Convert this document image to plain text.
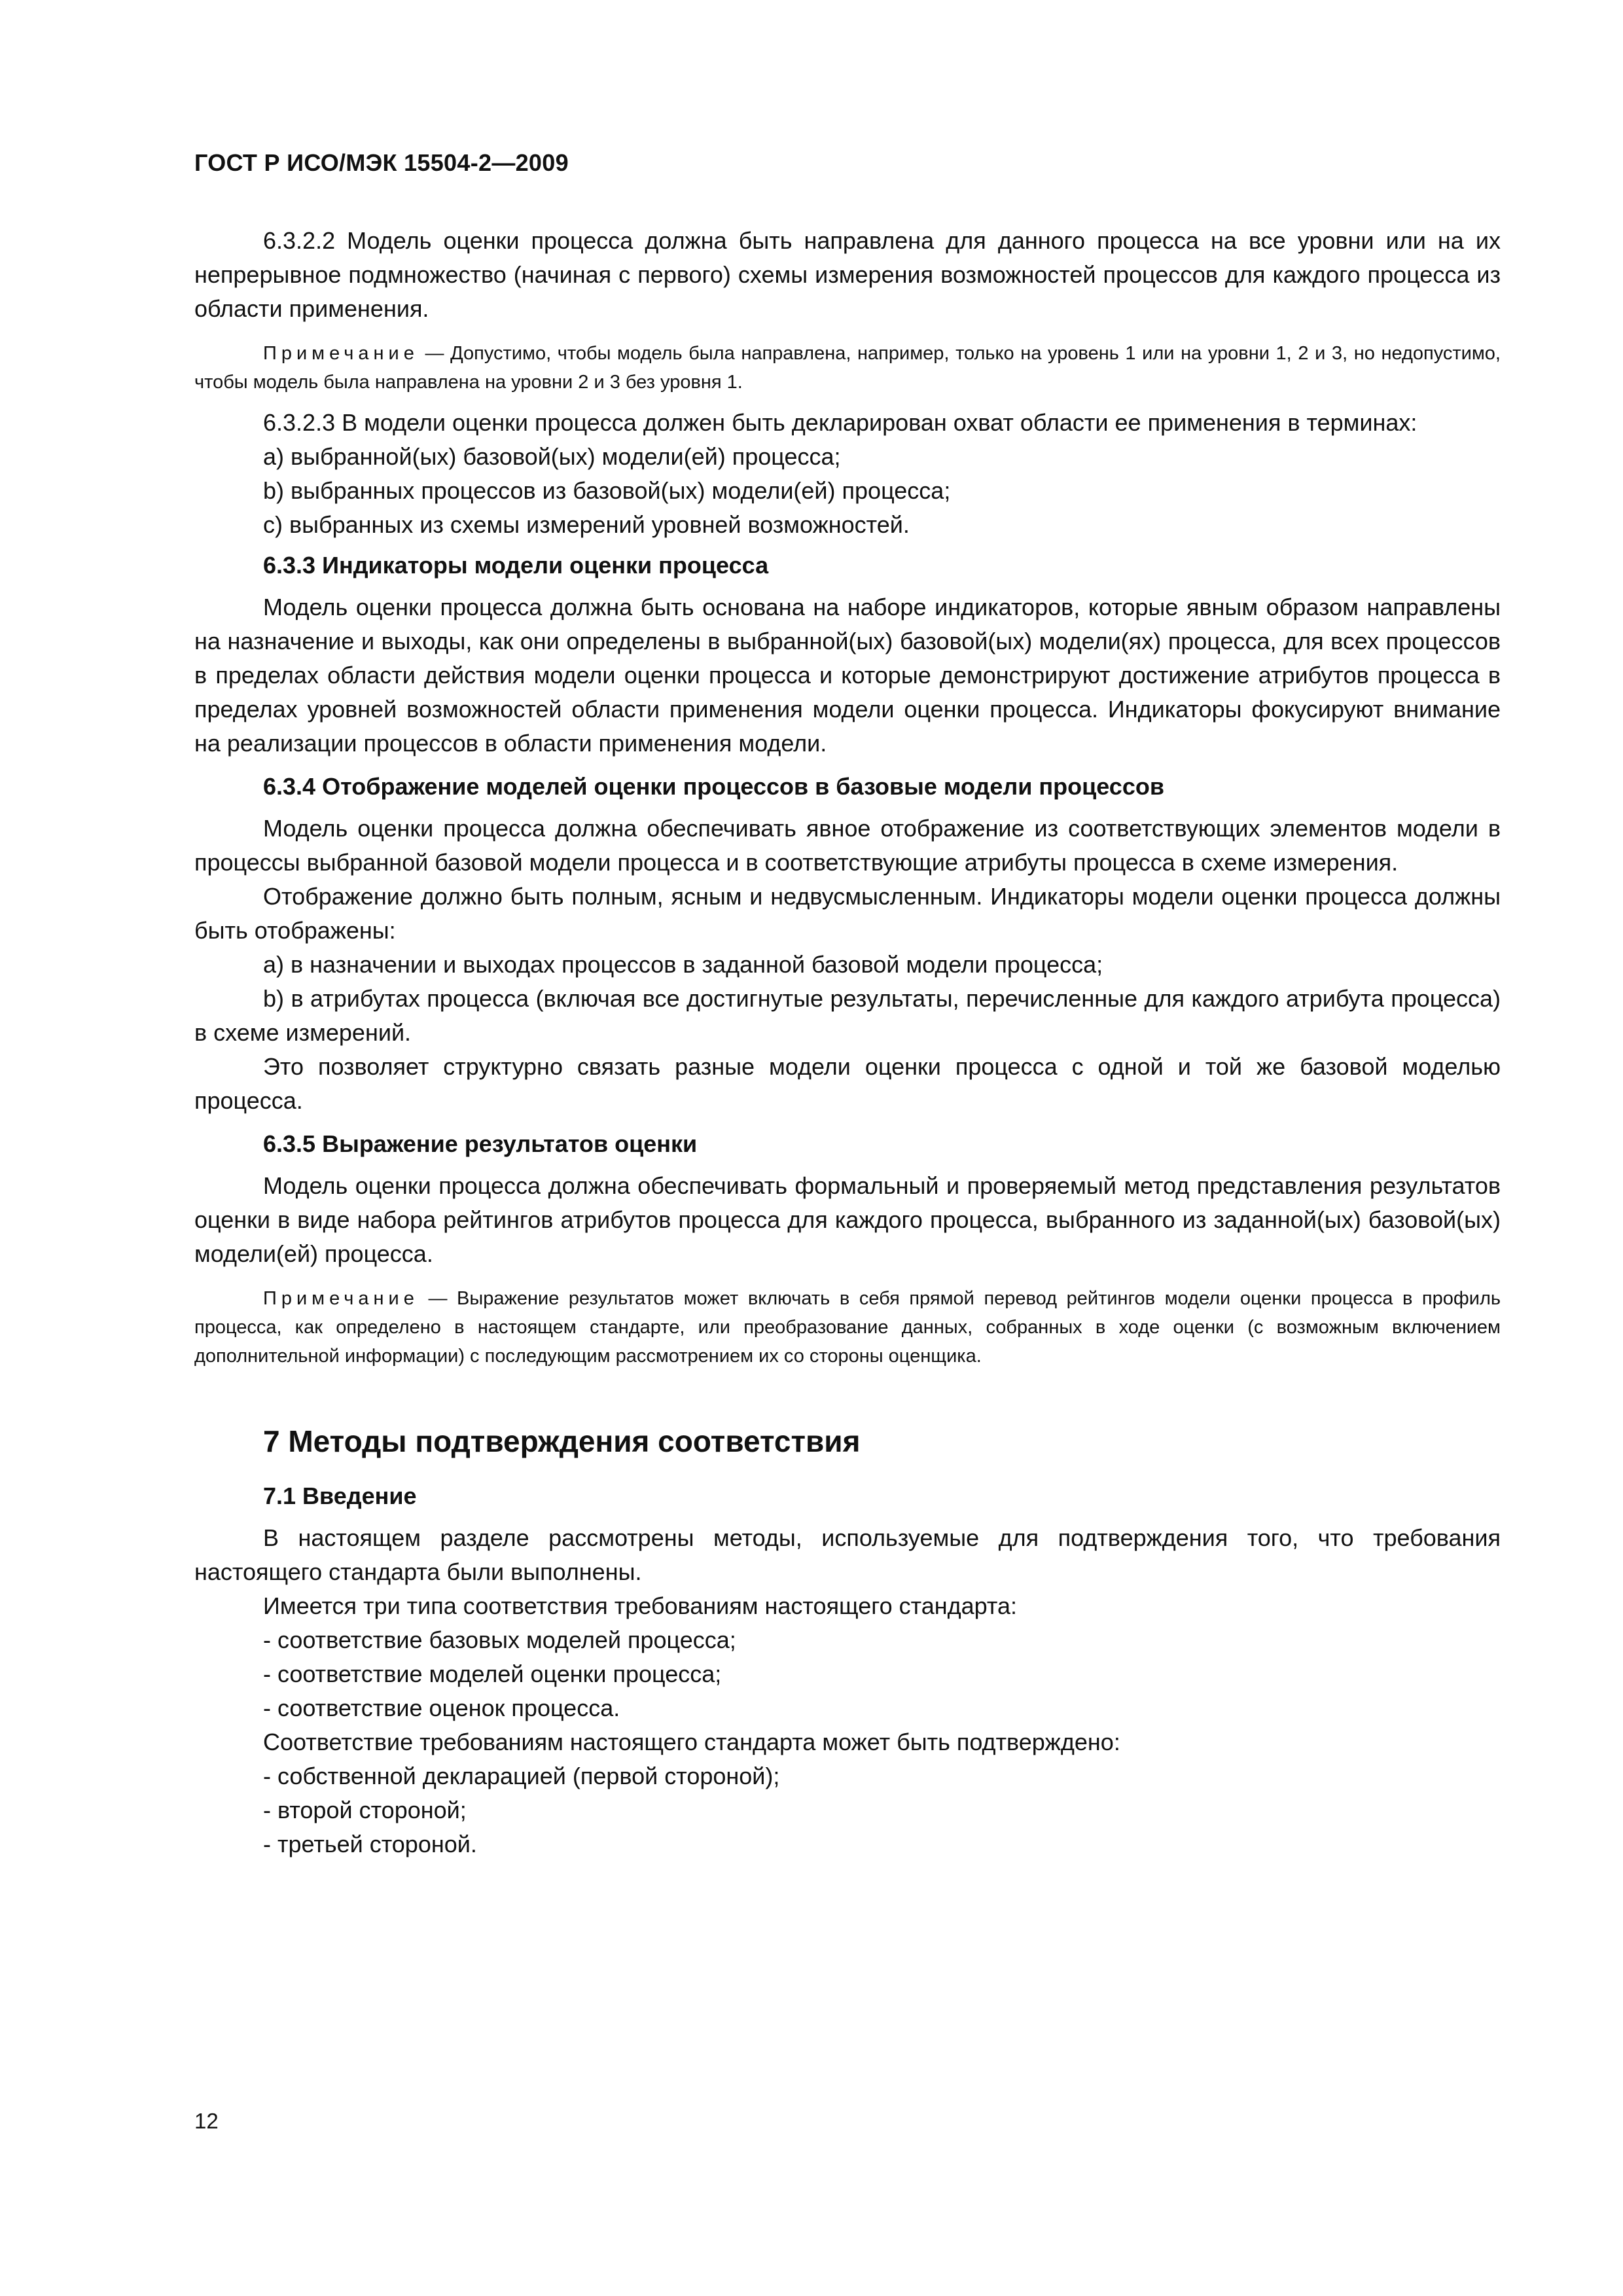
ГОСТ Р ИСО/МЭК 15504-2—2009

6.3.2.2 Модель оценки процесса должна быть направлена для данного процесса на все уровни или на их непрерывное подмножество (начиная с первого) схемы измерения возможностей процессов для каждого процесса из области применения.

Примечание — Допустимо, чтобы модель была направлена, например, только на уровень 1 или на уровни 1, 2 и 3, но недопустимо, чтобы модель была направлена на уровни 2 и 3 без уровня 1.

6.3.2.3 В модели оценки процесса должен быть декларирован охват области ее применения в терминах:

a) выбранной(ых) базовой(ых) модели(ей) процесса;

b) выбранных процессов из базовой(ых) модели(ей) процесса;

c) выбранных из схемы измерений уровней возможностей.

6.3.3 Индикаторы модели оценки процесса

Модель оценки процесса должна быть основана на наборе индикаторов, которые явным образом направлены на назначение и выходы, как они определены в выбранной(ых) базовой(ых) модели(ях) процесса, для всех процессов в пределах области действия модели оценки процесса и которые демонстрируют достижение атрибутов процесса в пределах уровней возможностей области применения модели оценки процесса. Индикаторы фокусируют внимание на реализации процессов в области применения модели.

6.3.4 Отображение моделей оценки процессов в базовые модели процессов

Модель оценки процесса должна обеспечивать явное отображение из соответствующих элементов модели в процессы выбранной базовой модели процесса и в соответствующие атрибуты процесса в схеме измерения.

Отображение должно быть полным, ясным и недвусмысленным. Индикаторы модели оценки процесса должны быть отображены:

a) в назначении и выходах процессов в заданной базовой модели процесса;

b) в атрибутах процесса (включая все достигнутые результаты, перечисленные для каждого атрибута процесса) в схеме измерений.

Это позволяет структурно связать разные модели оценки процесса с одной и той же базовой моделью процесса.

6.3.5 Выражение результатов оценки

Модель оценки процесса должна обеспечивать формальный и проверяемый метод представления результатов оценки в виде набора рейтингов атрибутов процесса для каждого процесса, выбранного из заданной(ых) базовой(ых) модели(ей) процесса.

Примечание — Выражение результатов может включать в себя прямой перевод рейтингов модели оценки процесса в профиль процесса, как определено в настоящем стандарте, или преобразование данных, собранных в ходе оценки (с возможным включением дополнительной информации) с последующим рассмотрением их со стороны оценщика.

7 Методы подтверждения соответствия

7.1 Введение

В настоящем разделе рассмотрены методы, используемые для подтверждения того, что требования настоящего стандарта были выполнены.

Имеется три типа соответствия требованиям настоящего стандарта:

- соответствие базовых моделей процесса;

- соответствие моделей оценки процесса;

- соответствие оценок процесса.

Соответствие требованиям настоящего стандарта может быть подтверждено:

- собственной декларацией (первой стороной);

- второй стороной;

- третьей стороной.

12
